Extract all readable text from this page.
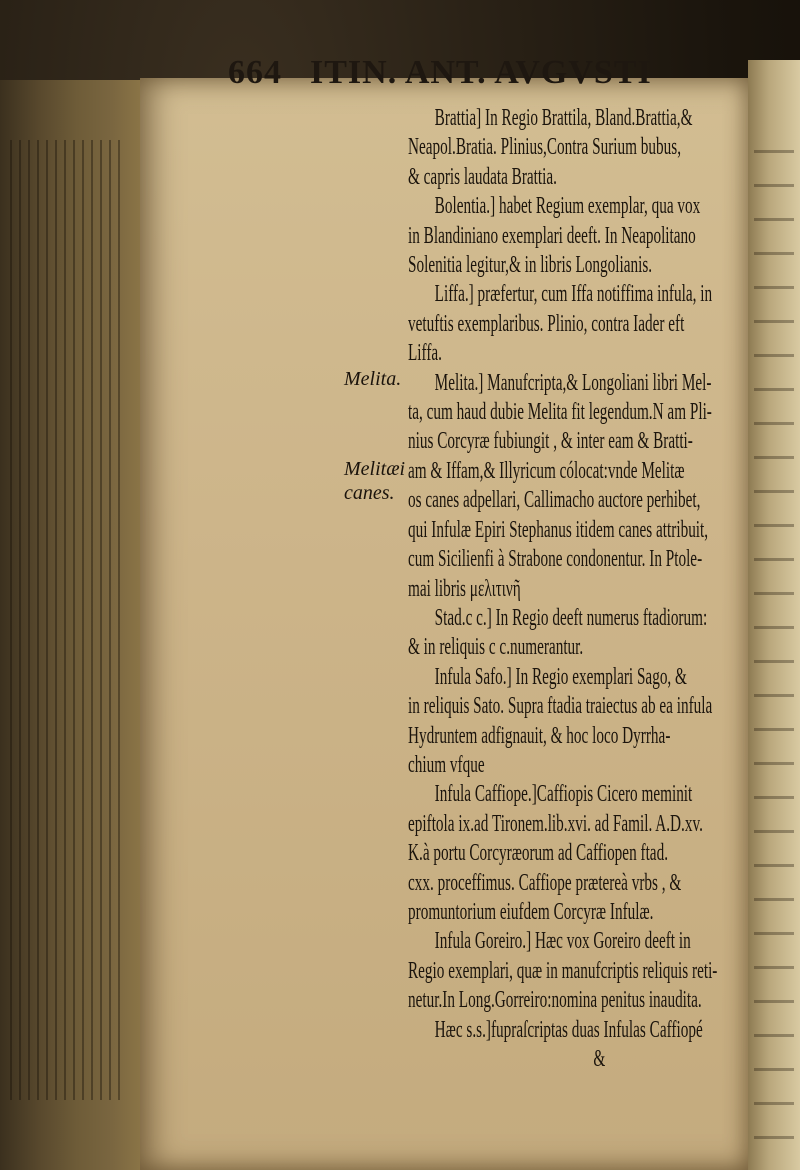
664 ITIN. ANT. AVGVSTI
Melita.
Melitæi
canes.

Brattia] In Regio Brattila, Bland.Brattia,&

Neapol.Bratia. Plinius,Contra Surium bubus,

& capris laudata Brattia.

Bolentia.] habet Regium exemplar, qua vox

in Blandiniano exemplari deeft. In Neapolitano

Solenitia legitur,& in libris Longolianis.

Liffa.] præfertur, cum Iffa notiffima infula, in

vetuftis exemplaribus. Plinio, contra Iader eft

Liffa.

Melita.] Manufcripta,& Longoliani libri Mel-

ta, cum haud dubie Melita fit legendum.N am Pli-

nius Corcyræ fubiungit , & inter eam & Bratti-

am & Iffam,& Illyricum cólocat:vnde Melitæ

os canes adpellari, Callimacho auctore perhibet,

qui Infulæ Epiri Stephanus itidem canes attribuit,

cum Sicilienfi à Strabone condonentur. In Ptole-

mai libris μελιτινῆ

Stad.c c.] In Regio deeft numerus ftadiorum:

& in reliquis c c.numerantur.

Infula Safo.] In Regio exemplari Sago, &

in reliquis Sato. Supra ftadia traiectus ab ea infula

Hydruntem adfignauit, & hoc loco Dyrrha-

chium vfque

Infula Caffiope.]Caffiopis Cicero meminit

epiftola ix.ad Tironem.lib.xvi. ad Famil. A.D.xv.

K.à portu Corcyræorum ad Caffiopen ftad.

cxx. proceffimus. Caffiope prætereà vrbs , &

promuntorium eiufdem Corcyræ Infulæ.

Infula Goreiro.] Hæc vox Goreiro deeft in

Regio exemplari, quæ in manufcriptis reliquis reti-

netur.In Long.Gorreiro:nomina penitus inaudita.

Hæc s.s.]fupraſcriptas duas Infulas Caffiopé

&
